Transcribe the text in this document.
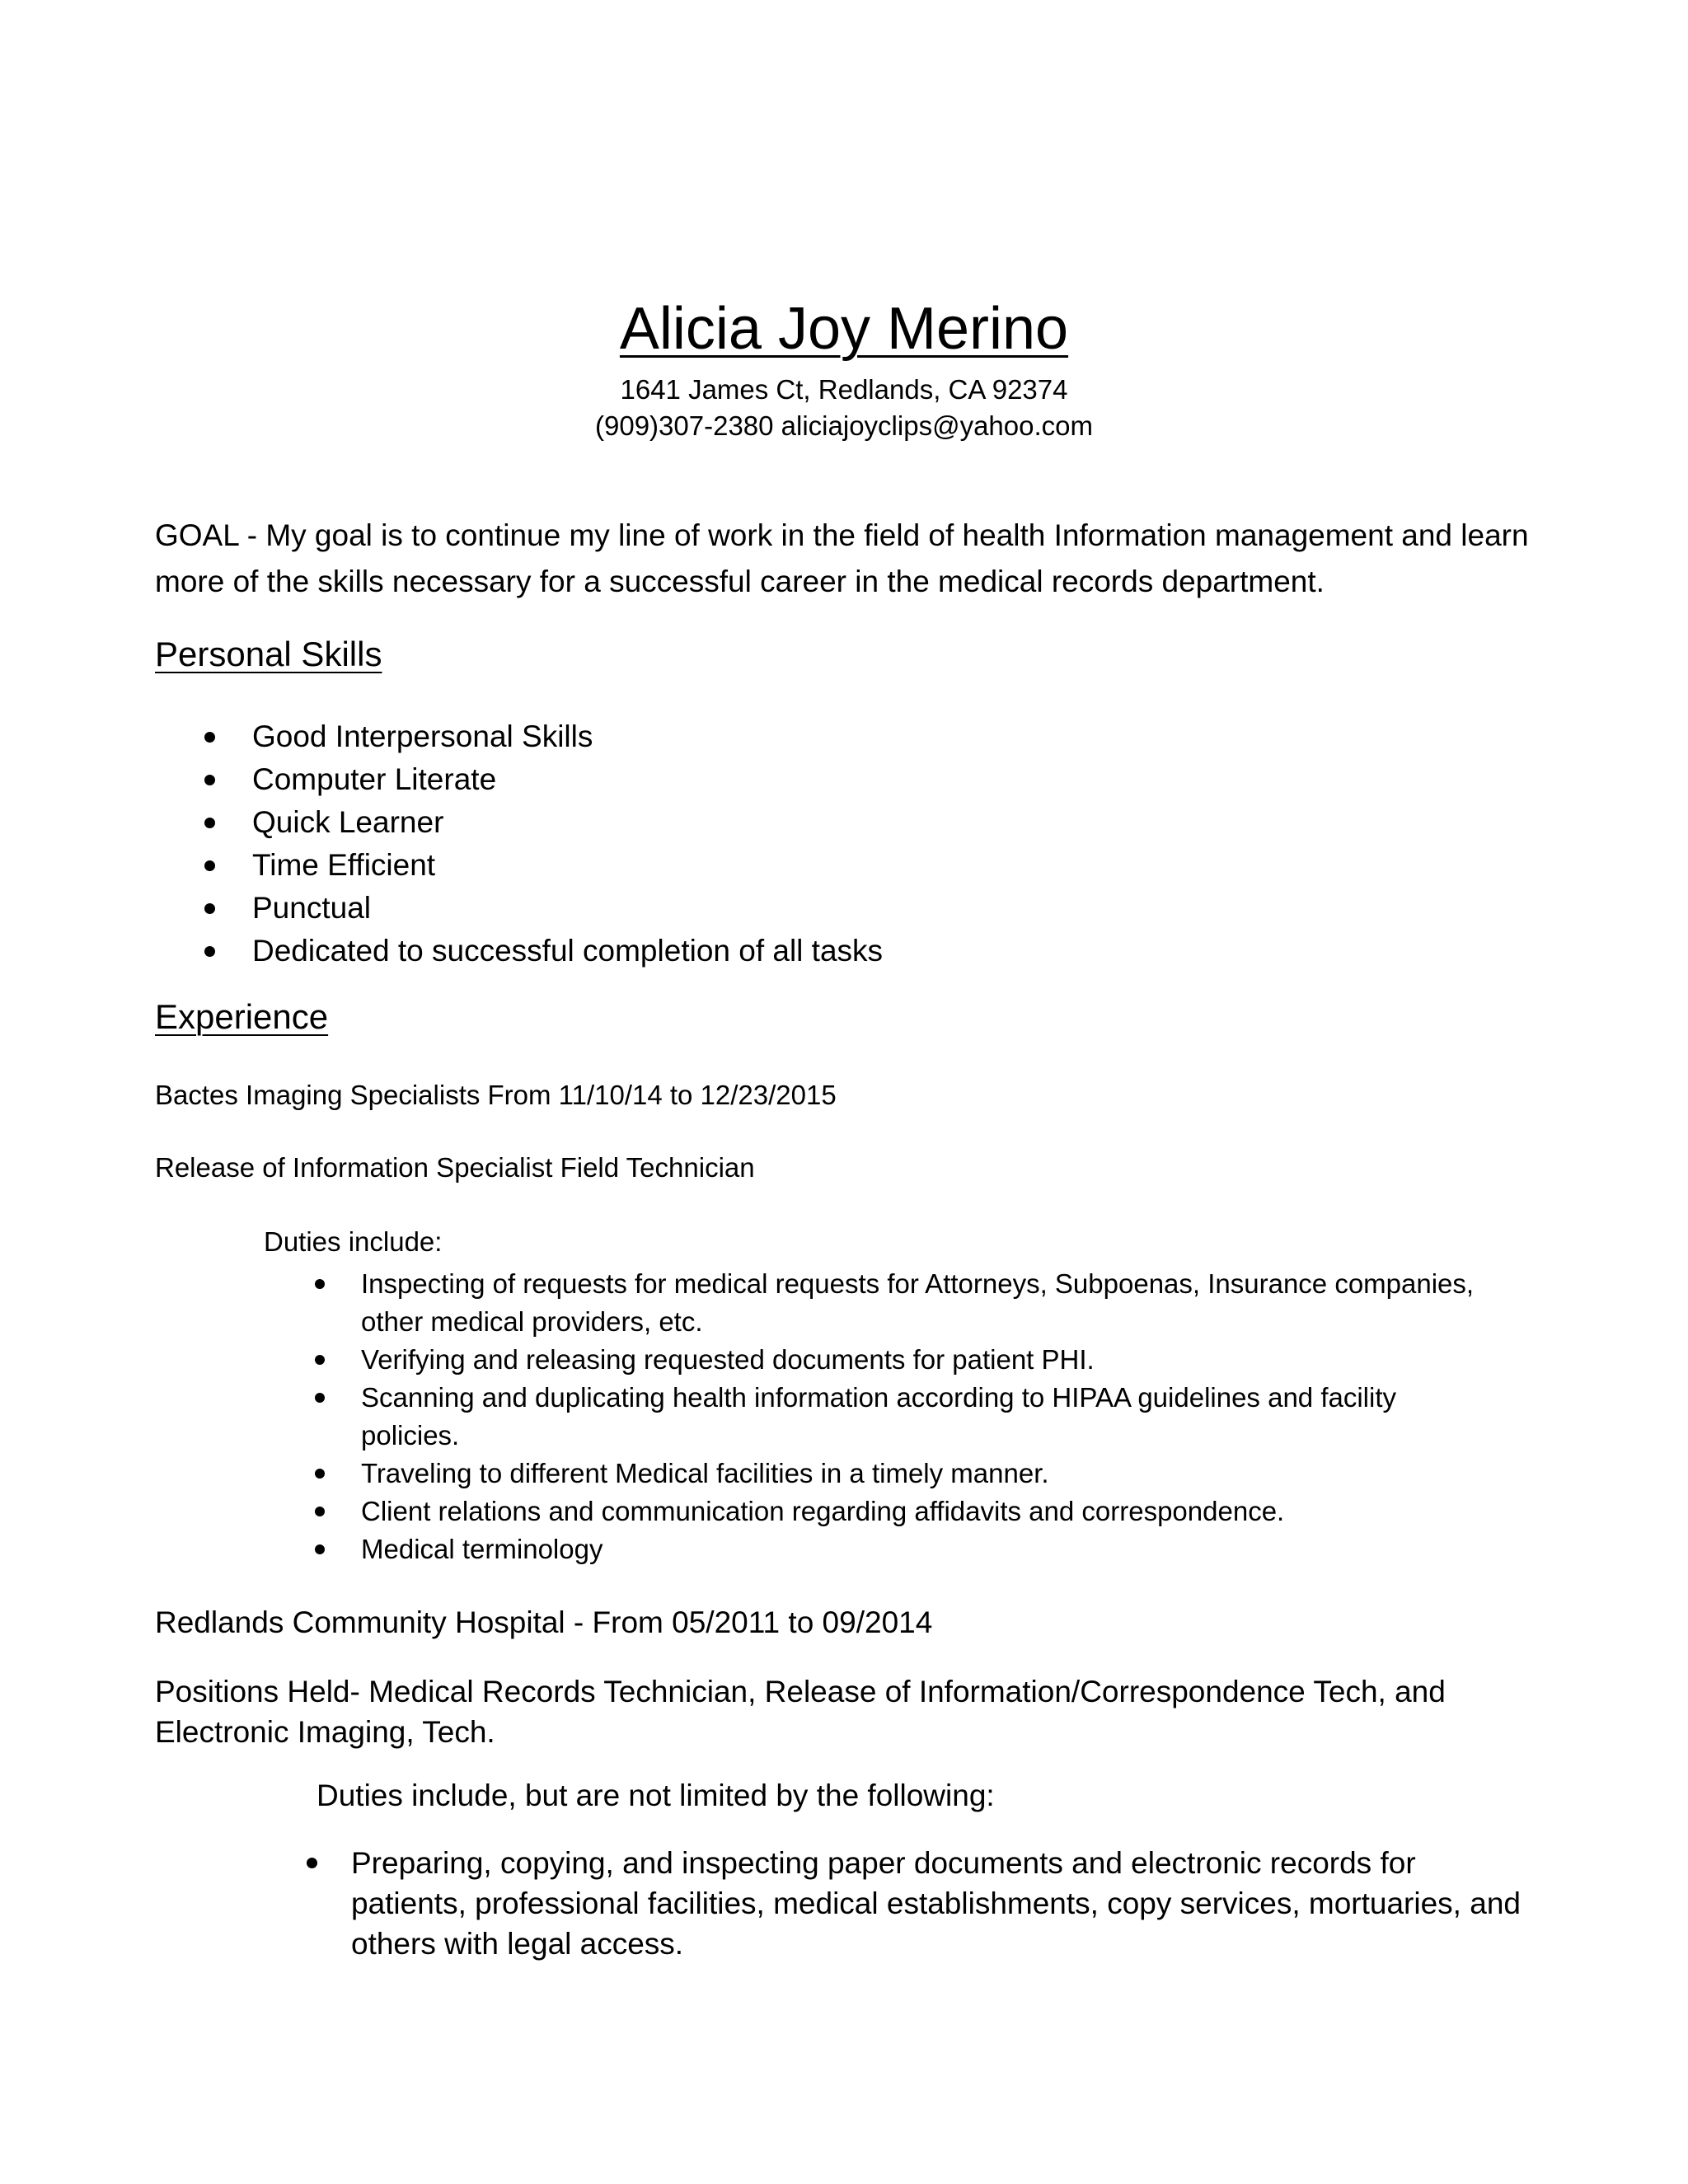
Alicia Joy Merino
1641 James Ct, Redlands, CA 92374
(909)307-2380 aliciajoyclips@yahoo.com
GOAL - My goal is to continue my line of work in the field of health Information management and learn more of the skills necessary for a successful career in the medical records department.
Personal Skills
Good Interpersonal Skills
Computer Literate
Quick Learner
Time Efficient
Punctual
Dedicated to successful completion of all tasks
Experience
Bactes Imaging Specialists From 11/10/14 to 12/23/2015
Release of Information Specialist Field Technician
Duties include:
Inspecting of requests for medical requests for Attorneys, Subpoenas, Insurance companies, other medical providers, etc.
Verifying and releasing requested documents for patient PHI.
Scanning and duplicating health information according to HIPAA guidelines and facility policies.
Traveling to different Medical facilities in a timely manner.
Client relations and communication regarding affidavits and correspondence.
Medical terminology
Redlands Community Hospital - From 05/2011 to 09/2014
Positions Held- Medical Records Technician, Release of Information/Correspondence Tech, and Electronic Imaging, Tech.
Duties include, but are not limited by the following:
Preparing, copying, and inspecting paper documents and electronic records for patients, professional facilities, medical establishments, copy services, mortuaries, and others with legal access.
